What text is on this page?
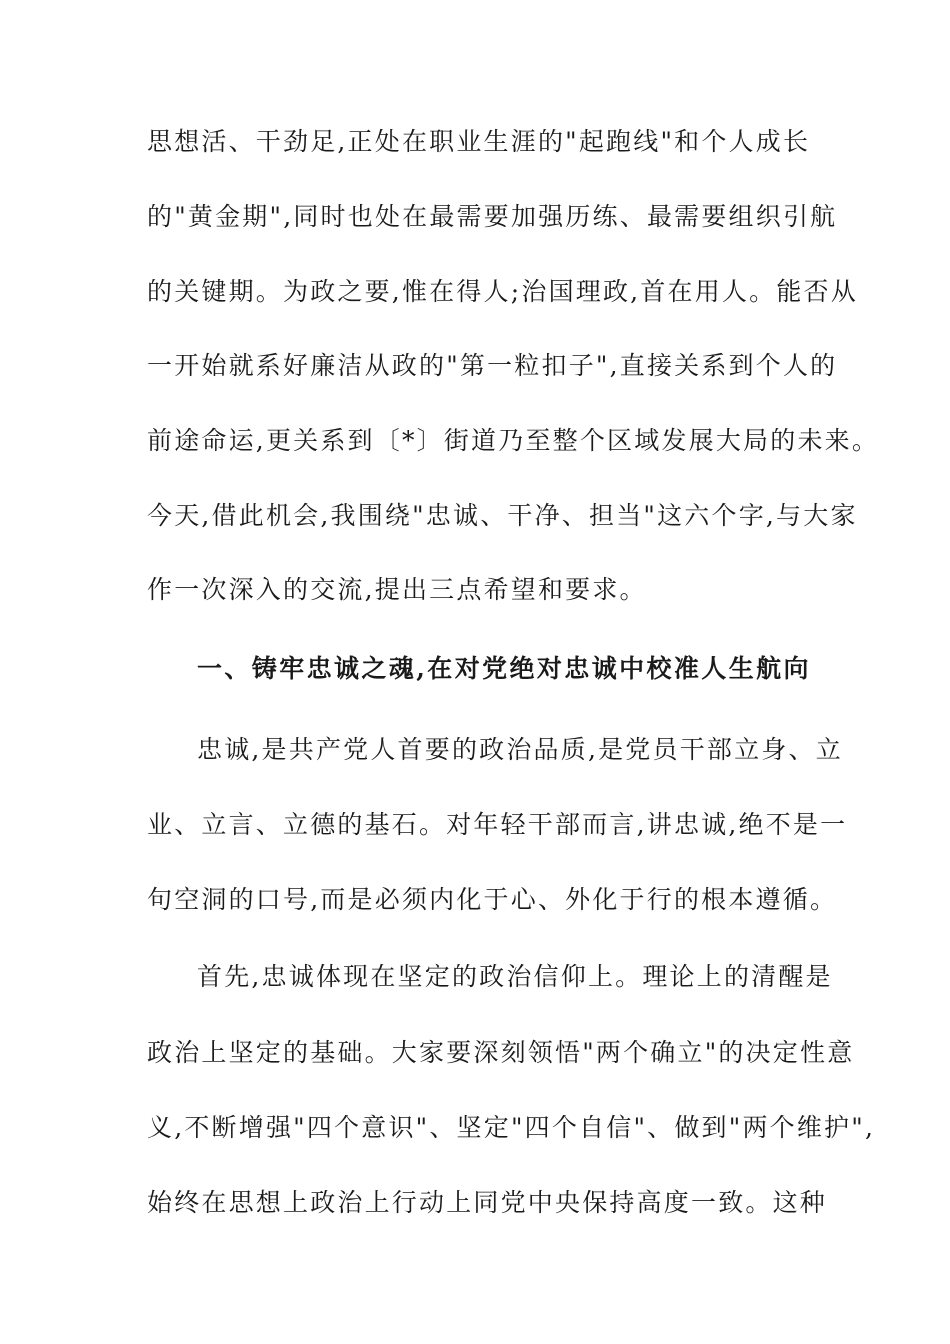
思想活、干劲足,正处在职业生涯的"起跑线"和个人成长
的"黄金期",同时也处在最需要加强历练、最需要组织引航
的关键期。为政之要,惟在得人;治国理政,首在用人。能否从
一开始就系好廉洁从政的"第一粒扣子",直接关系到个人的
前途命运,更关系到〔*〕街道乃至整个区域发展大局的未来。
今天,借此机会,我围绕"忠诚、干净、担当"这六个字,与大家
作一次深入的交流,提出三点希望和要求。
一、铸牢忠诚之魂,在对党绝对忠诚中校准人生航向
忠诚,是共产党人首要的政治品质,是党员干部立身、立
业、立言、立德的基石。对年轻干部而言,讲忠诚,绝不是一
句空洞的口号,而是必须内化于心、外化于行的根本遵循。
首先,忠诚体现在坚定的政治信仰上。理论上的清醒是
政治上坚定的基础。大家要深刻领悟"两个确立"的决定性意
义,不断增强"四个意识"、坚定"四个自信"、做到"两个维护",
始终在思想上政治上行动上同党中央保持高度一致。这种
